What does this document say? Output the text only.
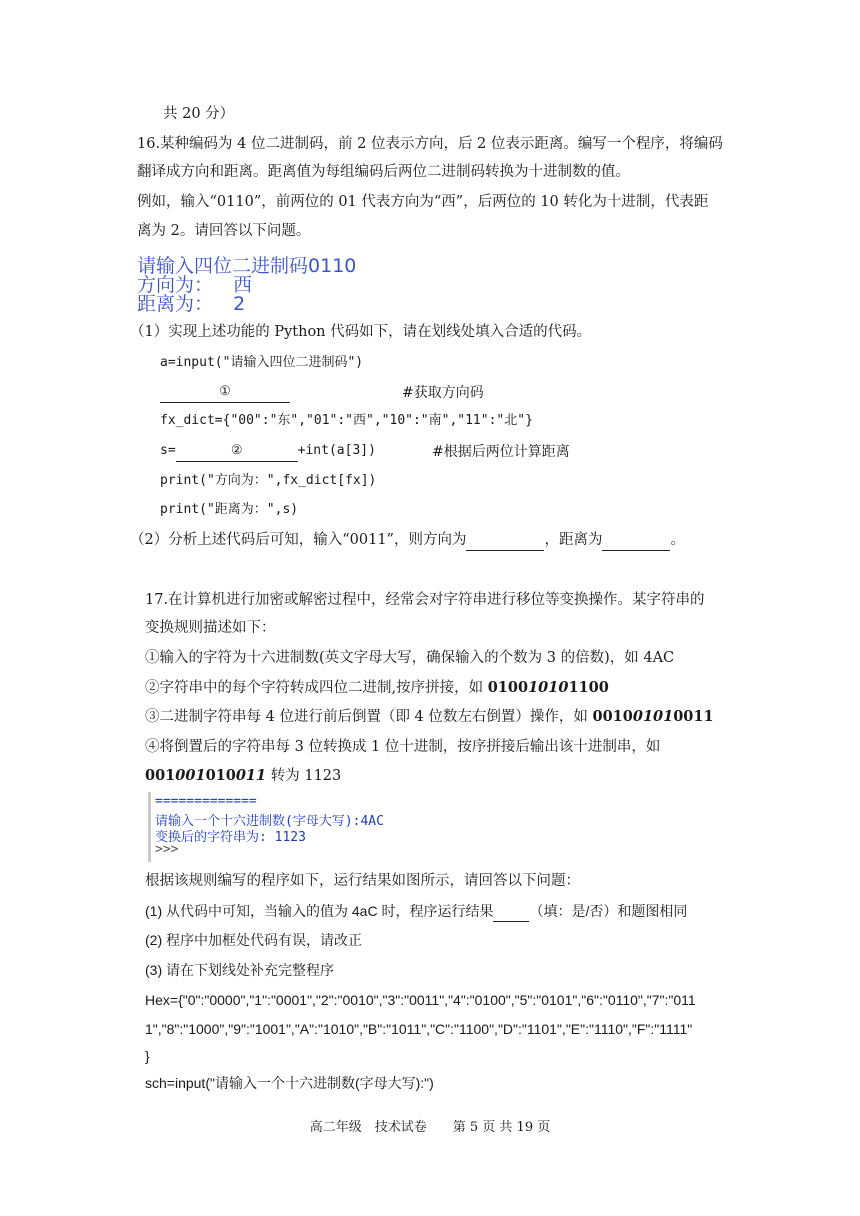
共 20 分）
16.某种编码为 4 位二进制码，前 2 位表示方向，后 2 位表示距离。编写一个程序，将编码
翻译成方向和距离。距离值为每组编码后两位二进制码转换为十进制数的值。
例如，输入“0110”，前两位的 01 代表方向为“西”，后两位的 10 转化为十进制，代表距
离为 2。请回答以下问题。
请输入四位二进制码0110
方向为： 西
距离为： 2
（1）实现上述功能的 Python 代码如下，请在划线处填入合适的代码。
a=input("请输入四位二进制码")
①	#获取方向码
fx_dict={"00":"东","01":"西","10":"南","11":"北"}
s=	②	+int(a[3])	#根据后两位计算距离
print("方向为：",fx_dict[fx])
print("距离为：",s)
（2）分析上述代码后可知，输入“0011”，则方向为	，距离为	。
17.在计算机进行加密或解密过程中，经常会对字符串进行移位等变换操作。某字符串的
变换规则描述如下：
①输入的字符为十六进制数(英文字母大写，确保输入的个数为 3 的倍数)，如 4AC
②字符串中的每个字符转成四位二进制,按序拼接，如 010010101100
③二进制字符串每 4 位进行前后倒置（即 4 位数左右倒置）操作，如 001001010011
④将倒置后的字符串每 3 位转换成 1 位十进制，按序拼接后输出该十进制串，如
001001010011 转为 1123
=============
请输入一个十六进制数(字母大写):4AC
变换后的字符串为: 1123
>>>
根据该规则编写的程序如下，运行结果如图所示，请回答以下问题：
(1) 从代码中可知，当输入的值为 4aC 时，程序运行结果	（填：是/否）和题图相同
(2) 程序中加框处代码有误，请改正
(3) 请在下划线处补充完整程序
Hex={"0":"0000","1":"0001","2":"0010","3":"0011","4":"0100","5":"0101","6":"0110","7":"011
1","8":"1000","9":"1001","A":"1010","B":"1011","C":"1100","D":"1101","E":"1110","F":"1111"
}
sch=input("请输入一个十六进制数(字母大写):")
高二年级　技术试卷　　第 5 页 共 19 页
